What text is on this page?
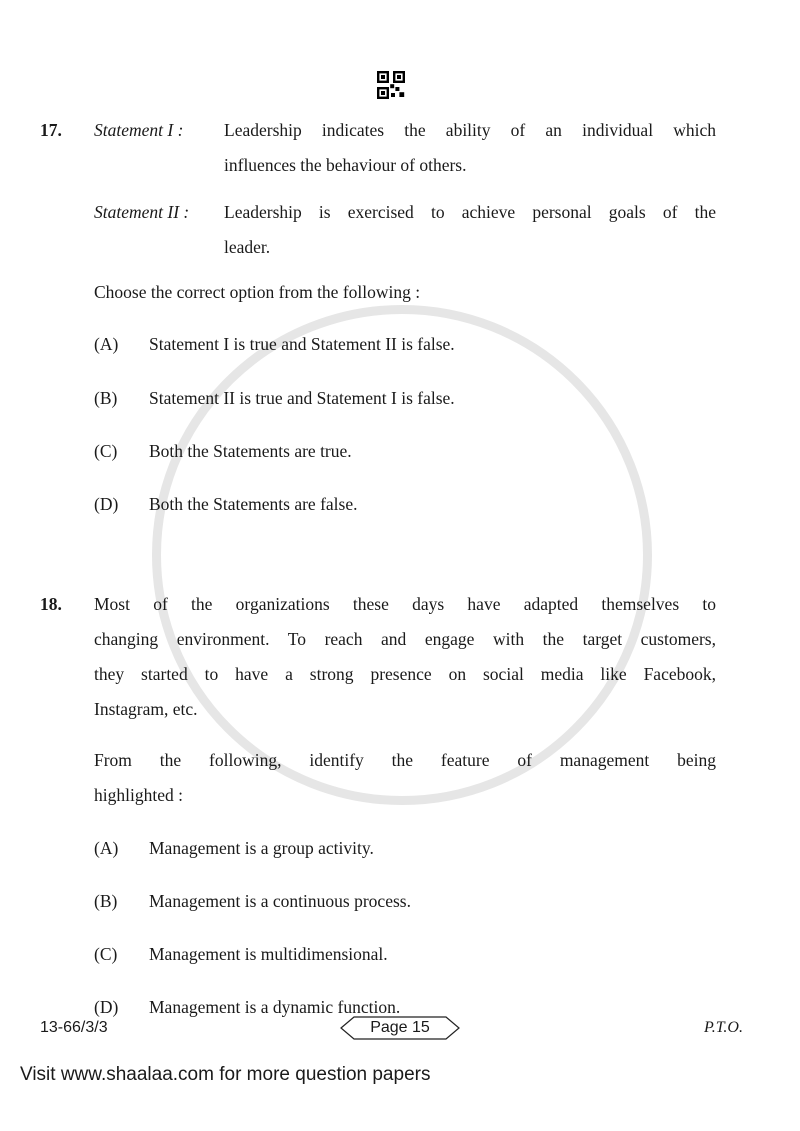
17. Statement I : Leadership indicates the ability of an individual which
influences the behaviour of others.
Statement II : Leadership is exercised to achieve personal goals of the
leader.
Choose the correct option from the following :
(A) Statement I is true and Statement II is false.
(B) Statement II is true and Statement I is false.
(C) Both the Statements are true.
(D) Both the Statements are false.
18. Most of the organizations these days have adapted themselves to
changing environment. To reach and engage with the target customers,
they started to have a strong presence on social media like Facebook,
Instagram, etc.
From the following, identify the feature of management being
highlighted :
(A) Management is a group activity.
(B) Management is a continuous process.
(C) Management is multidimensional.
(D) Management is a dynamic function.
13-66/3/3	Page 15	P.T.O.
Visit www.shaalaa.com for more question papers
